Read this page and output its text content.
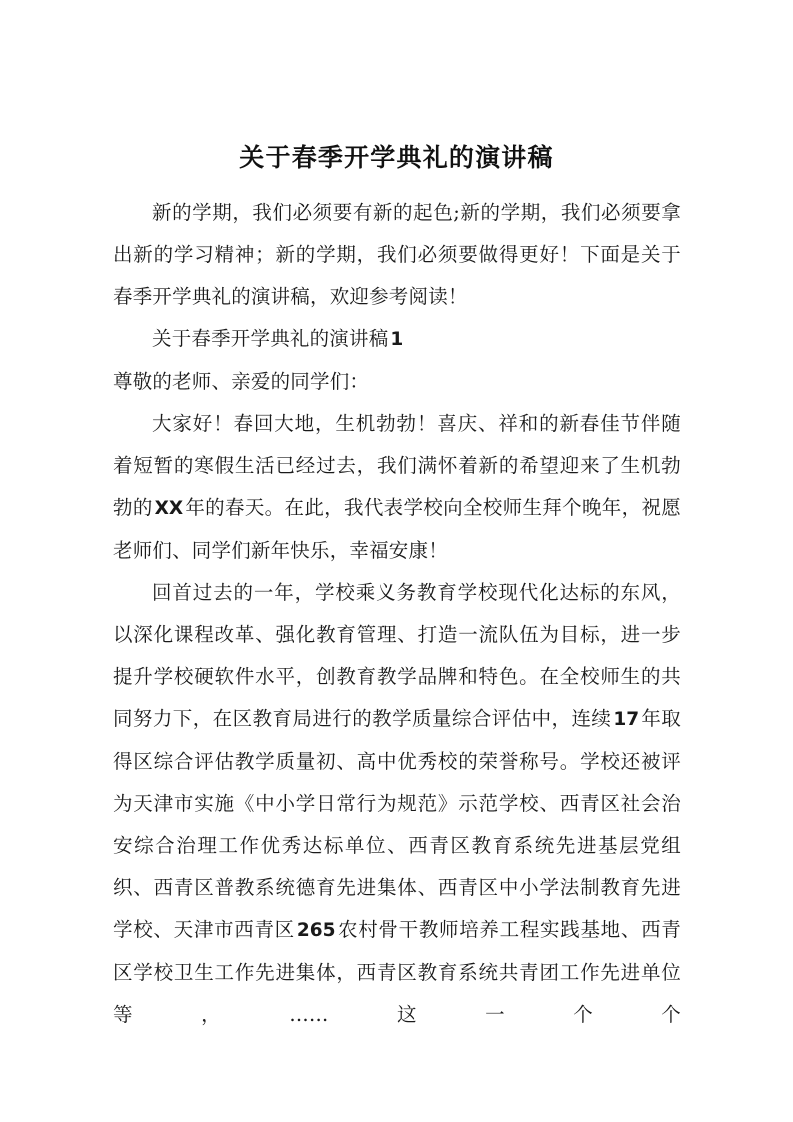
关于春季开学典礼的演讲稿

新的学期，我们必须要有新的起色;新的学期，我们必须要拿出新的学习精神；新的学期，我们必须要做得更好！下面是关于春季开学典礼的演讲稿，欢迎参考阅读！

关于春季开学典礼的演讲稿 1

尊敬的老师、亲爱的同学们：

大家好！春回大地，生机勃勃！喜庆、祥和的新春佳节伴随着短暂的寒假生活已经过去，我们满怀着新的希望迎来了生机勃勃的 XX 年的春天。在此，我代表学校向全校师生拜个晚年，祝愿老师们、同学们新年快乐，幸福安康！

回首过去的一年，学校乘义务教育学校现代化达标的东风，以深化课程改革、强化教育管理、打造一流队伍为目标，进一步提升学校硬软件水平，创教育教学品牌和特色。在全校师生的共同努力下，在区教育局进行的教学质量综合评估中，连续 17 年取得区综合评估教学质量初、高中优秀校的荣誉称号。学校还被评为天津市实施《中小学日常行为规范》示范学校、西青区社会治安综合治理工作优秀达标单位、西青区教育系统先进基层党组织、西青区普教系统德育先进集体、西青区中小学法制教育先进学校、天津市西青区 265 农村骨干教师培养工程实践基地、西青区学校卫生工作先进集体，西青区教育系统共青团工作先进单位等，……这一个个
